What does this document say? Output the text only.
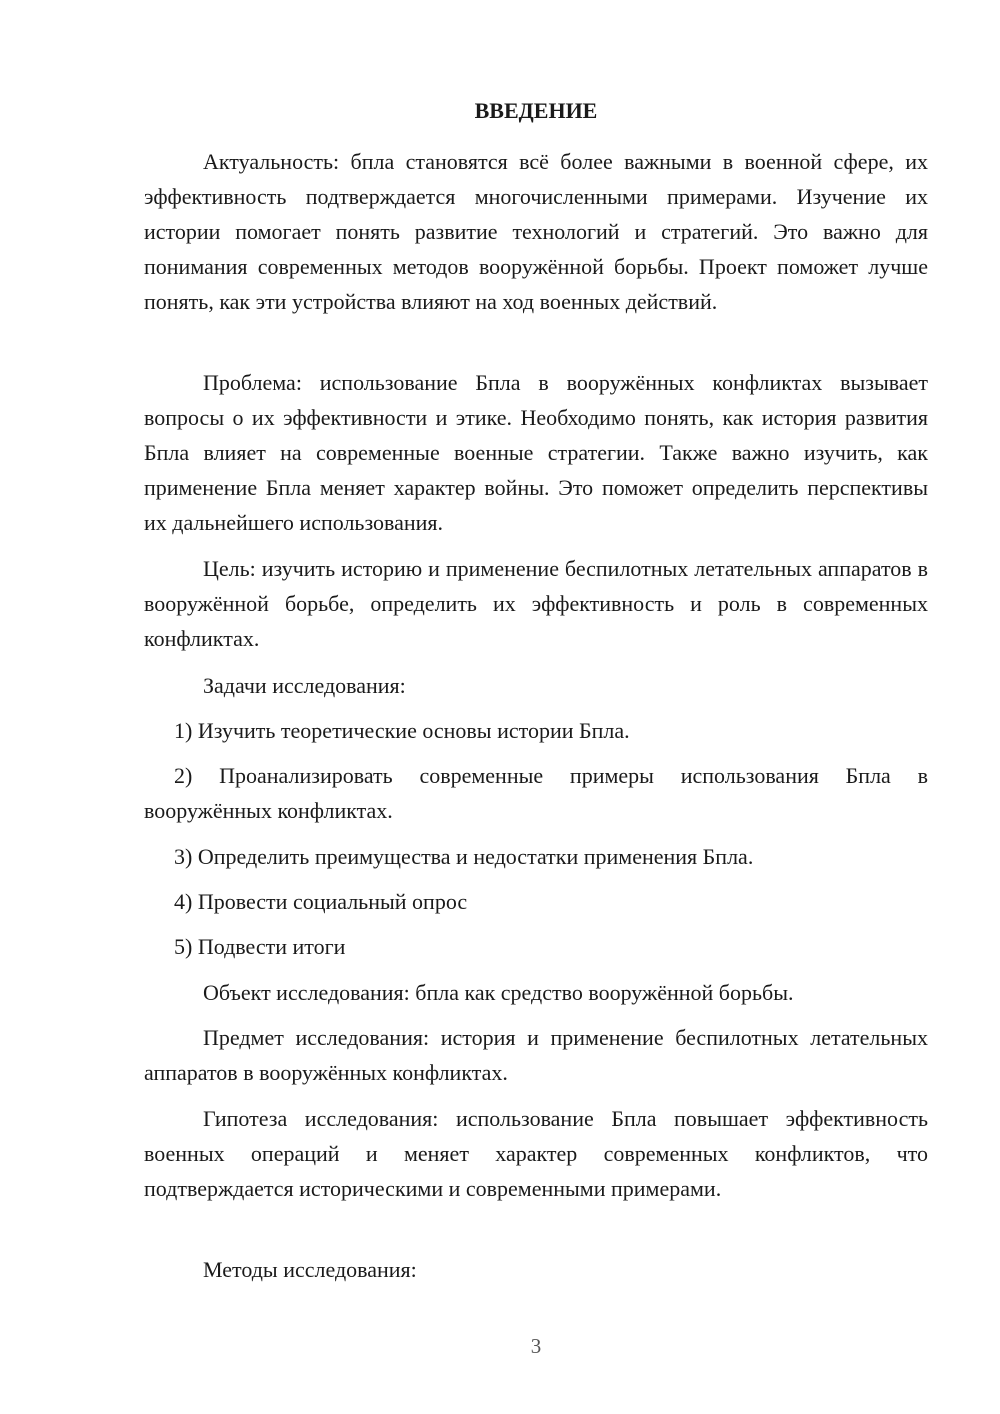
ВВЕДЕНИЕ
Актуальность: бпла становятся всё более важными в военной сфере, их эффективность подтверждается многочисленными примерами. Изучение их истории помогает понять развитие технологий и стратегий. Это важно для понимания современных методов вооружённой борьбы. Проект поможет лучше понять, как эти устройства влияют на ход военных действий.
Проблема: использование Бпла в вооружённых конфликтах вызывает вопросы о их эффективности и этике. Необходимо понять, как история развития Бпла влияет на современные военные стратегии. Также важно изучить, как применение Бпла меняет характер войны. Это поможет определить перспективы их дальнейшего использования.
Цель: изучить историю и применение беспилотных летательных аппаратов в вооружённой борьбе, определить их эффективность и роль в современных конфликтах.
Задачи исследования:
1) Изучить теоретические основы истории Бпла.
2) Проанализировать современные примеры использования Бпла в вооружённых конфликтах.
3) Определить преимущества и недостатки применения Бпла.
4) Провести социальный опрос
5) Подвести итоги
Объект исследования: бпла как средство вооружённой борьбы.
Предмет исследования: история и применение беспилотных летательных аппаратов в вооружённых конфликтах.
Гипотеза исследования: использование Бпла повышает эффективность военных операций и меняет характер современных конфликтов, что подтверждается историческими и современными примерами.
Методы исследования:
3
